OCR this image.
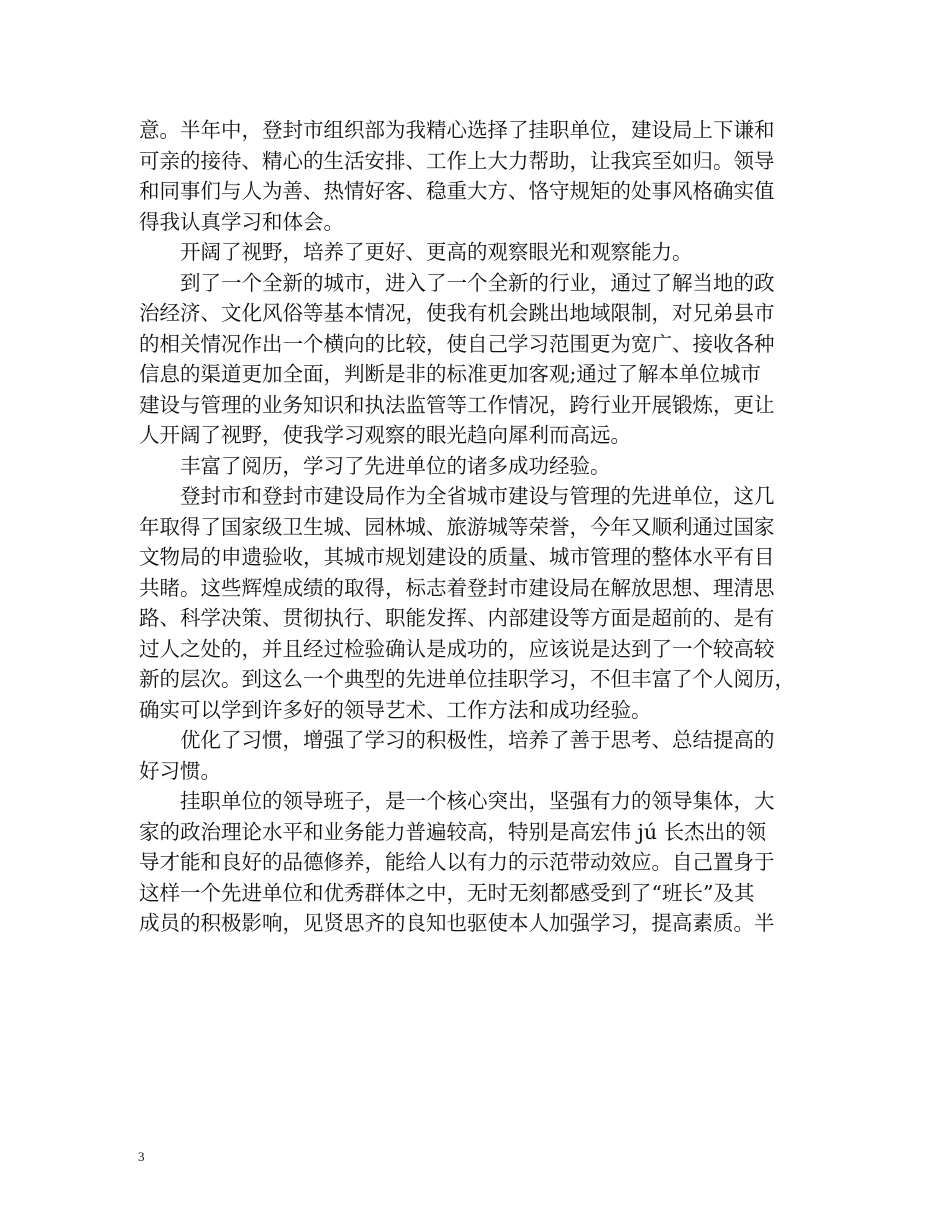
意。半年中，登封市组织部为我精心选择了挂职单位，建设局上下谦和
可亲的接待、精心的生活安排、工作上大力帮助，让我宾至如归。领导
和同事们与人为善、热情好客、稳重大方、恪守规矩的处事风格确实值
得我认真学习和体会。

开阔了视野，培养了更好、更高的观察眼光和观察能力。

到了一个全新的城市，进入了一个全新的行业，通过了解当地的政
治经济、文化风俗等基本情况，使我有机会跳出地域限制，对兄弟县市
的相关情况作出一个横向的比较，使自己学习范围更为宽广、接收各种
信息的渠道更加全面，判断是非的标准更加客观;通过了解本单位城市
建设与管理的业务知识和执法监管等工作情况，跨行业开展锻炼，更让
人开阔了视野，使我学习观察的眼光趋向犀利而高远。

丰富了阅历，学习了先进单位的诸多成功经验。

登封市和登封市建设局作为全省城市建设与管理的先进单位，这几
年取得了国家级卫生城、园林城、旅游城等荣誉，今年又顺利通过国家
文物局的申遗验收，其城市规划建设的质量、城市管理的整体水平有目
共睹。这些辉煌成绩的取得，标志着登封市建设局在解放思想、理清思
路、科学决策、贯彻执行、职能发挥、内部建设等方面是超前的、是有
过人之处的，并且经过检验确认是成功的，应该说是达到了一个较高较
新的层次。到这么一个典型的先进单位挂职学习，不但丰富了个人阅历，
确实可以学到许多好的领导艺术、工作方法和成功经验。

优化了习惯，增强了学习的积极性，培养了善于思考、总结提高的
好习惯。

挂职单位的领导班子，是一个核心突出，坚强有力的领导集体，大
家的政治理论水平和业务能力普遍较高，特别是高宏伟 jú 长杰出的领
导才能和良好的品德修养，能给人以有力的示范带动效应。自己置身于
这样一个先进单位和优秀群体之中，无时无刻都感受到了“班长”及其
成员的积极影响，见贤思齐的良知也驱使本人加强学习，提高素质。半

3
